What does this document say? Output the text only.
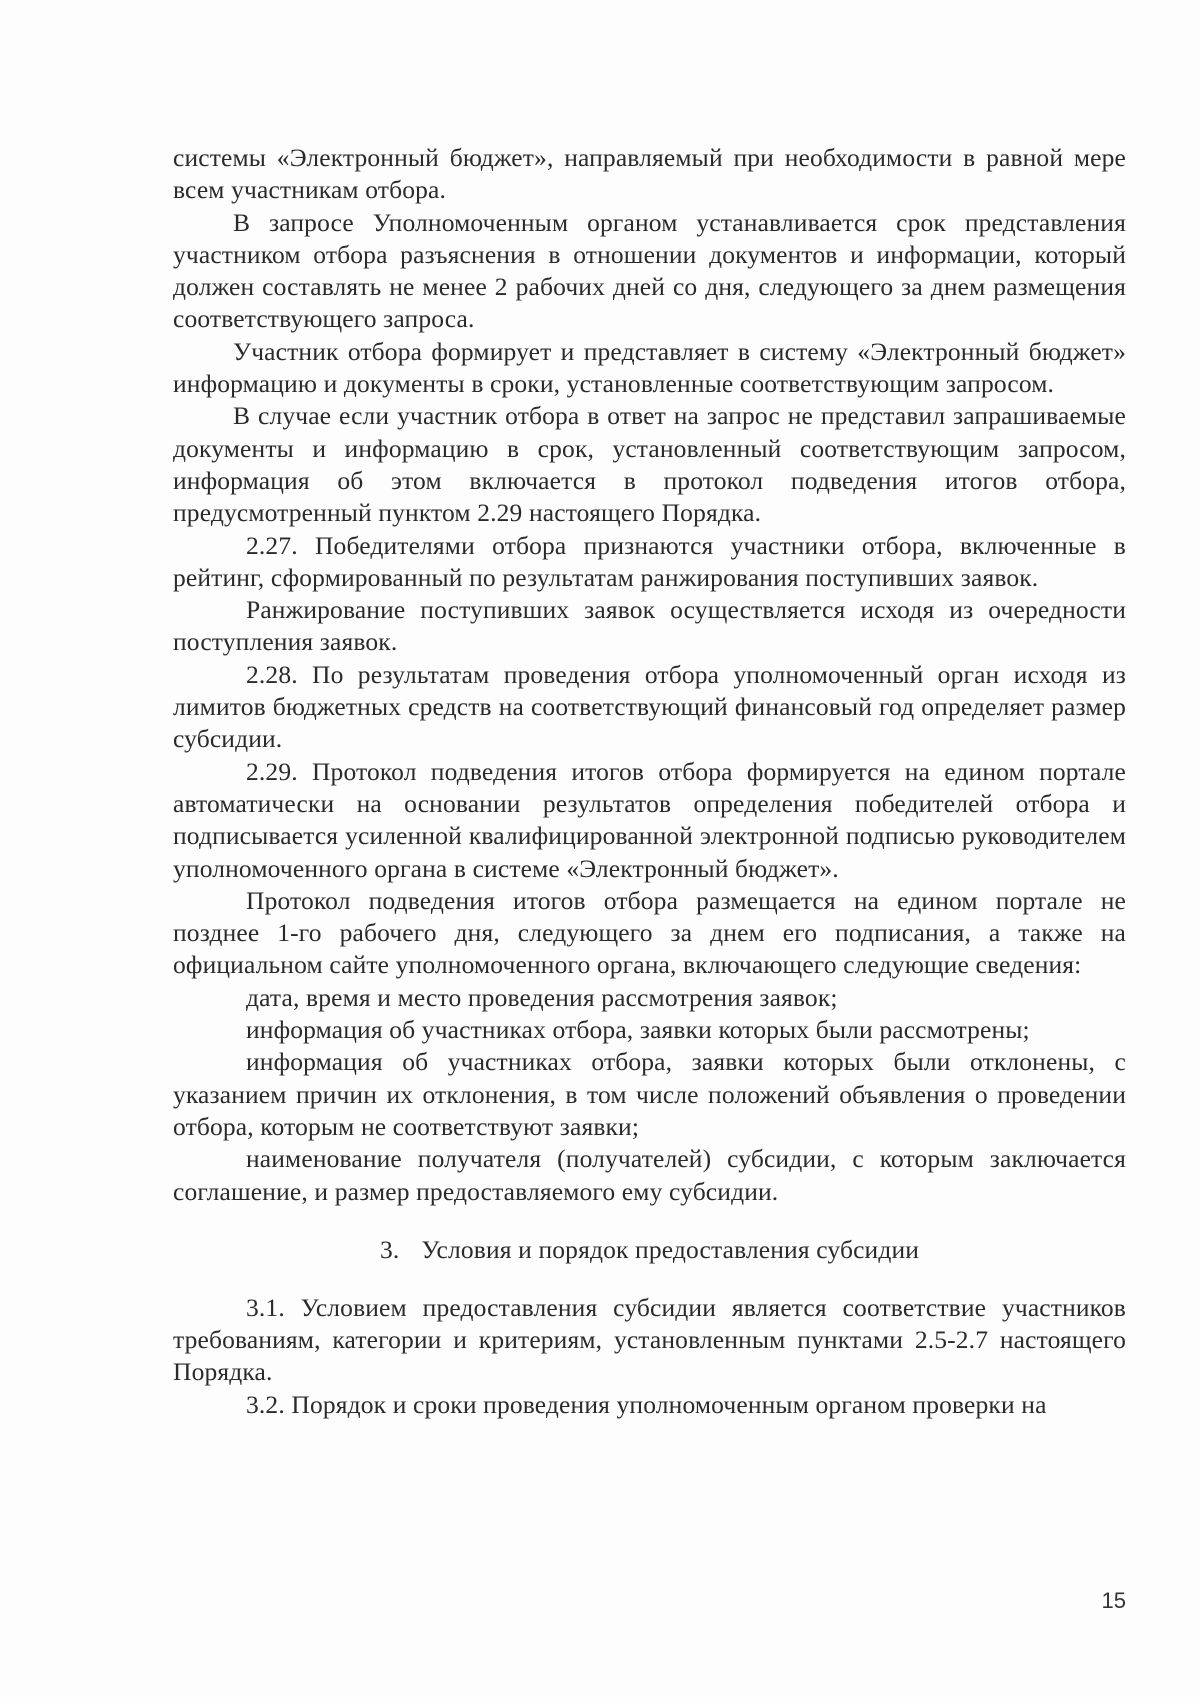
системы «Электронный бюджет», направляемый при необходимости в равной мере всем участникам отбора.

В запросе Уполномоченным органом устанавливается срок представления участником отбора разъяснения в отношении документов и информации, который должен составлять не менее 2 рабочих дней со дня, следующего за днем размещения соответствующего запроса.

Участник отбора формирует и представляет в систему «Электронный бюджет» информацию и документы в сроки, установленные соответствующим запросом.

В случае если участник отбора в ответ на запрос не представил запрашиваемые документы и информацию в срок, установленный соответствующим запросом, информация об этом включается в протокол подведения итогов отбора, предусмотренный пунктом 2.29 настоящего Порядка.

2.27. Победителями отбора признаются участники отбора, включенные в рейтинг, сформированный по результатам ранжирования поступивших заявок.

Ранжирование поступивших заявок осуществляется исходя из очередности поступления заявок.

2.28. По результатам проведения отбора уполномоченный орган исходя из лимитов бюджетных средств на соответствующий финансовый год определяет размер субсидии.

2.29. Протокол подведения итогов отбора формируется на едином портале автоматически на основании результатов определения победителей отбора и подписывается усиленной квалифицированной электронной подписью руководителем уполномоченного органа в системе «Электронный бюджет».

Протокол подведения итогов отбора размещается на едином портале не позднее 1-го рабочего дня, следующего за днем его подписания, а также на официальном сайте уполномоченного органа, включающего следующие сведения:

дата, время и место проведения рассмотрения заявок;

информация об участниках отбора, заявки которых были рассмотрены;

информация об участниках отбора, заявки которых были отклонены, с указанием причин их отклонения, в том числе положений объявления о проведении отбора, которым не соответствуют заявки;

наименование получателя (получателей) субсидии, с которым заключается соглашение, и размер предоставляемого ему субсидии.

3. Условия и порядок предоставления субсидии

3.1. Условием предоставления субсидии является соответствие участников требованиям, категории и критериям, установленным пунктами 2.5-2.7 настоящего Порядка.

3.2. Порядок и сроки проведения уполномоченным органом проверки на

15
